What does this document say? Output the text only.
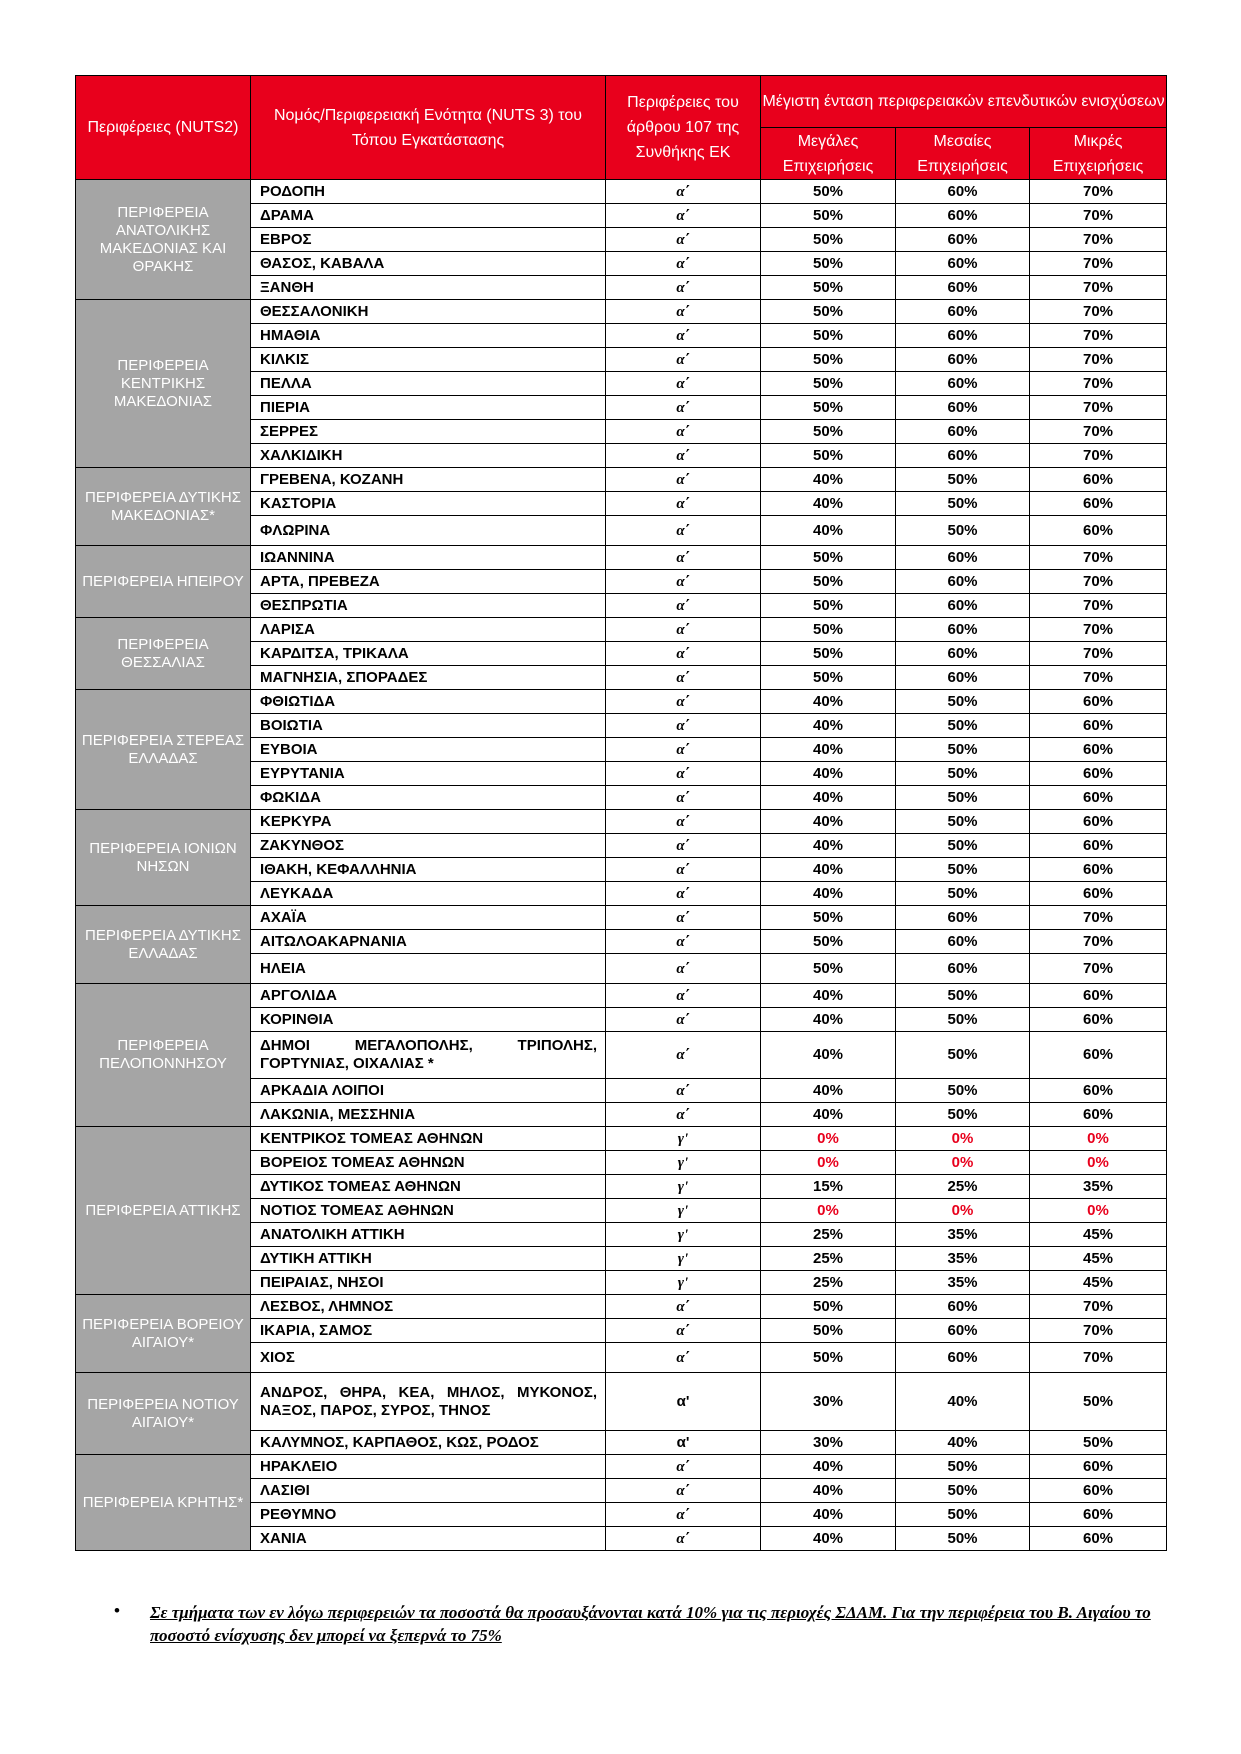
Περιφέρειες (NUTS2)	Νομός/Περιφερειακή Ενότητα (NUTS 3) του Τόπου Εγκατάστασης	Περιφέρειες του άρθρου 107 της Συνθήκης ΕΚ	Μέγιστη ένταση περιφερειακών επενδυτικών ενισχύσεων		
			Μεγάλες Επιχειρήσεις	Μεσαίες Επιχειρήσεις	Μικρές Επιχειρήσεις
ΠΕΡΙΦΕΡΕΙΑ ΑΝΑΤΟΛΙΚΗΣ ΜΑΚΕΔΟΝΙΑΣ ΚΑΙ ΘΡΑΚΗΣ	ΡΟΔΟΠΗ	α΄	50%	60%	70%
	ΔΡΑΜΑ	α΄	50%	60%	70%
	ΕΒΡΟΣ	α΄	50%	60%	70%
	ΘΑΣΟΣ, ΚΑΒΑΛΑ	α΄	50%	60%	70%
	ΞΑΝΘΗ	α΄	50%	60%	70%
ΠΕΡΙΦΕΡΕΙΑ ΚΕΝΤΡΙΚΗΣ ΜΑΚΕΔΟΝΙΑΣ	ΘΕΣΣΑΛΟΝΙΚΗ	α΄	50%	60%	70%
	ΗΜΑΘΙΑ	α΄	50%	60%	70%
	ΚΙΛΚΙΣ	α΄	50%	60%	70%
	ΠΕΛΛΑ	α΄	50%	60%	70%
	ΠΙΕΡΙΑ	α΄	50%	60%	70%
	ΣΕΡΡΕΣ	α΄	50%	60%	70%
	ΧΑΛΚΙΔΙΚΗ	α΄	50%	60%	70%
ΠΕΡΙΦΕΡΕΙΑ ΔΥΤΙΚΗΣ ΜΑΚΕΔΟΝΙΑΣ*	ΓΡΕΒΕΝΑ, ΚΟΖΑΝΗ	α΄	40%	50%	60%
	ΚΑΣΤΟΡΙΑ	α΄	40%	50%	60%
	ΦΛΩΡΙΝΑ	α΄	40%	50%	60%
ΠΕΡΙΦΕΡΕΙΑ ΗΠΕΙΡΟΥ	ΙΩΑΝΝΙΝΑ	α΄	50%	60%	70%
	ΑΡΤΑ, ΠΡΕΒΕΖΑ	α΄	50%	60%	70%
	ΘΕΣΠΡΩΤΙΑ	α΄	50%	60%	70%
ΠΕΡΙΦΕΡΕΙΑ ΘΕΣΣΑΛΙΑΣ	ΛΑΡΙΣΑ	α΄	50%	60%	70%
	ΚΑΡΔΙΤΣΑ, ΤΡΙΚΑΛΑ	α΄	50%	60%	70%
	ΜΑΓΝΗΣΙΑ, ΣΠΟΡΑΔΕΣ	α΄	50%	60%	70%
ΠΕΡΙΦΕΡΕΙΑ ΣΤΕΡΕΑΣ ΕΛΛΑΔΑΣ	ΦΘΙΩΤΙΔΑ	α΄	40%	50%	60%
	ΒΟΙΩΤΙΑ	α΄	40%	50%	60%
	ΕΥΒΟΙΑ	α΄	40%	50%	60%
	ΕΥΡΥΤΑΝΙΑ	α΄	40%	50%	60%
	ΦΩΚΙΔΑ	α΄	40%	50%	60%
ΠΕΡΙΦΕΡΕΙΑ ΙΟΝΙΩΝ ΝΗΣΩΝ	ΚΕΡΚΥΡΑ	α΄	40%	50%	60%
	ΖΑΚΥΝΘΟΣ	α΄	40%	50%	60%
	ΙΘΑΚΗ, ΚΕΦΑΛΛΗΝΙΑ	α΄	40%	50%	60%
	ΛΕΥΚΑΔΑ	α΄	40%	50%	60%
ΠΕΡΙΦΕΡΕΙΑ ΔΥΤΙΚΗΣ ΕΛΛΑΔΑΣ	ΑΧΑΪΑ	α΄	50%	60%	70%
	ΑΙΤΩΛΟΑΚΑΡΝΑΝΙΑ	α΄	50%	60%	70%
	ΗΛΕΙΑ	α΄	50%	60%	70%
ΠΕΡΙΦΕΡΕΙΑ ΠΕΛΟΠΟΝΝΗΣΟΥ	ΑΡΓΟΛΙΔΑ	α΄	40%	50%	60%
	ΚΟΡΙΝΘΙΑ	α΄	40%	50%	60%
	ΔΗΜΟΙ ΜΕΓΑΛΟΠΟΛΗΣ, ΤΡΙΠΟΛΗΣ, ΓΟΡΤΥΝΙΑΣ, ΟΙΧΑΛΙΑΣ *	α΄	40%	50%	60%
	ΑΡΚΑΔΙΑ ΛΟΙΠΟΙ	α΄	40%	50%	60%
	ΛΑΚΩΝΙΑ, ΜΕΣΣΗΝΙΑ	α΄	40%	50%	60%
ΠΕΡΙΦΕΡΕΙΑ ΑΤΤΙΚΗΣ	ΚΕΝΤΡΙΚΟΣ ΤΟΜΕΑΣ ΑΘΗΝΩΝ	γ'	0%	0%	0%
	ΒΟΡΕΙΟΣ ΤΟΜΕΑΣ ΑΘΗΝΩΝ	γ'	0%	0%	0%
	ΔΥΤΙΚΟΣ ΤΟΜΕΑΣ ΑΘΗΝΩΝ	γ'	15%	25%	35%
	ΝΟΤΙΟΣ ΤΟΜΕΑΣ ΑΘΗΝΩΝ	γ'	0%	0%	0%
	ΑΝΑΤΟΛΙΚΗ ΑΤΤΙΚΗ	γ'	25%	35%	45%
	ΔΥΤΙΚΗ ΑΤΤΙΚΗ	γ'	25%	35%	45%
	ΠΕΙΡΑΙΑΣ, ΝΗΣΟΙ	γ'	25%	35%	45%
ΠΕΡΙΦΕΡΕΙΑ ΒΟΡΕΙΟΥ ΑΙΓΑΙΟΥ*	ΛΕΣΒΟΣ, ΛΗΜΝΟΣ	α΄	50%	60%	70%
	ΙΚΑΡΙΑ, ΣΑΜΟΣ	α΄	50%	60%	70%
	ΧΙΟΣ	α΄	50%	60%	70%
ΠΕΡΙΦΕΡΕΙΑ ΝΟΤΙΟΥ ΑΙΓΑΙΟΥ*	ΑΝΔΡΟΣ, ΘΗΡΑ, ΚΕΑ, ΜΗΛΟΣ, ΜΥΚΟΝΟΣ, ΝΑΞΟΣ, ΠΑΡΟΣ, ΣΥΡΟΣ, ΤΗΝΟΣ	α'	30%	40%	50%
	ΚΑΛΥΜΝΟΣ, ΚΑΡΠΑΘΟΣ, ΚΩΣ, ΡΟΔΟΣ	α'	30%	40%	50%
ΠΕΡΙΦΕΡΕΙΑ ΚΡΗΤΗΣ*	ΗΡΑΚΛΕΙΟ	α΄	40%	50%	60%
	ΛΑΣΙΘΙ	α΄	40%	50%	60%
	ΡΕΘΥΜΝΟ	α΄	40%	50%	60%
	ΧΑΝΙΑ	α΄	40%	50%	60%
• Σε τμήματα των εν λόγω περιφερειών τα ποσοστά θα προσαυξάνονται κατά 10% για τις περιοχές ΣΔΑΜ. Για την περιφέρεια του Β. Αιγαίου το ποσοστό ενίσχυσης δεν μπορεί να ξεπερνά το 75%
